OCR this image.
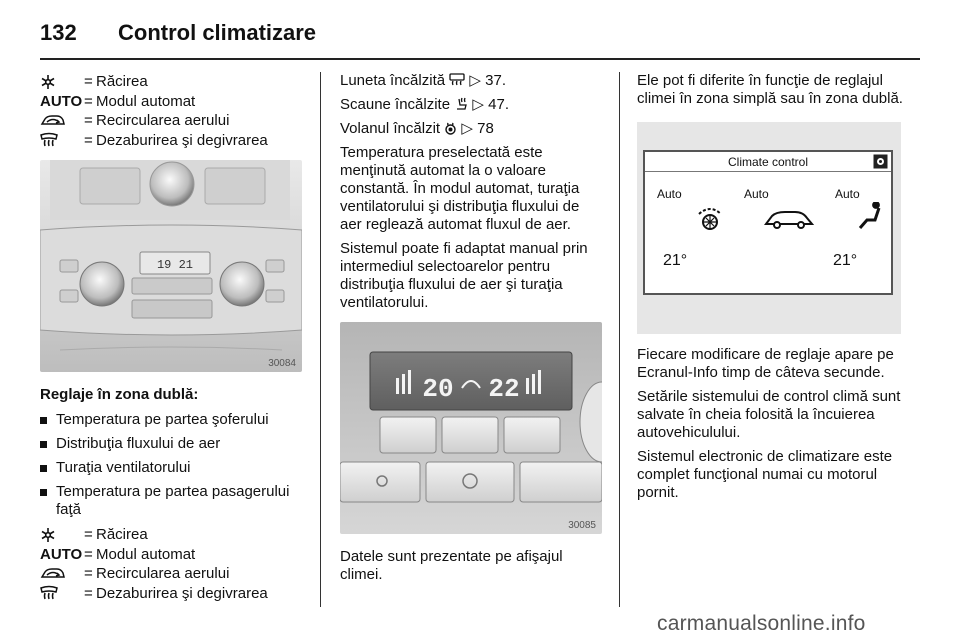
132 Control climatizare
= Răcirea
AUTO = Modul automat
= Recircularea aerului
= Dezaburirea şi degivrarea
19 21
30084
Reglaje în zona dublă:
Temperatura pe partea şoferului
Distribuţia fluxului de aer
Turaţia ventilatorului
Temperatura pe partea pasagerului faţă
= Răcirea
AUTO = Modul automat
= Recircularea aerului
= Dezaburirea şi degivrarea
Luneta încălzită ▷ 37.
Scaune încălzite ▷ 47.
Volanul încălzit ▷ 78
Temperatura preselectată este menţinută automat la o valoare constantă. În modul automat, turaţia ventilatorului şi distribuţia fluxului de aer reglează automat fluxul de aer.
Sistemul poate fi adaptat manual prin intermediul selectoarelor pentru distribuţia fluxului de aer şi turaţia ventilatorului.
20 22
30085
Datele sunt prezentate pe afişajul climei.
Ele pot fi diferite în funcţie de reglajul climei în zona simplă sau în zona dublă.
Climate control
Auto	Auto	Auto
21°	21°
Fiecare modificare de reglaje apare pe Ecranul-Info timp de câteva secunde.
Setările sistemului de control climă sunt salvate în cheia folosită la încuierea autovehiculului.
Sistemul electronic de climatizare este complet funcţional numai cu motorul pornit.
carmanualsonline.info
